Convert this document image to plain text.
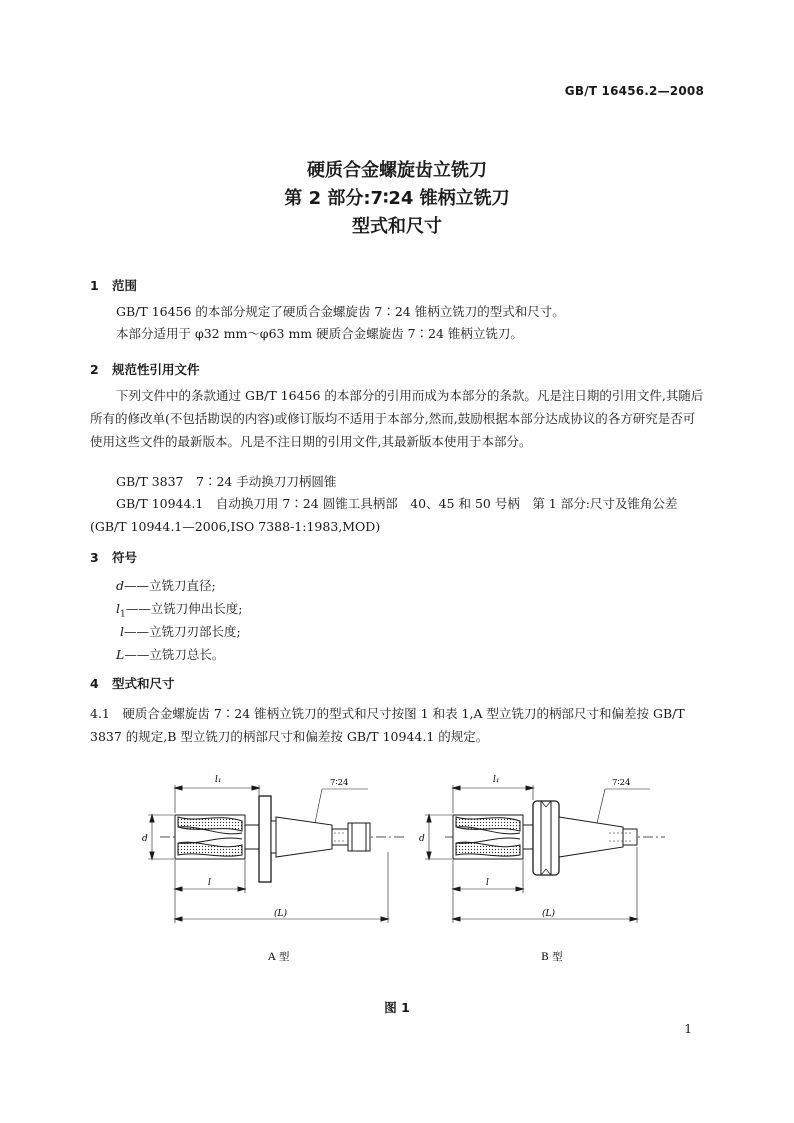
GB/T 16456.2—2008
硬质合金螺旋齿立铣刀
第 2 部分:7∶24 锥柄立铣刀
型式和尺寸
1 范围
GB/T 16456 的本部分规定了硬质合金螺旋齿 7∶24 锥柄立铣刀的型式和尺寸。
本部分适用于 φ32 mm～φ63 mm 硬质合金螺旋齿 7∶24 锥柄立铣刀。
2 规范性引用文件
下列文件中的条款通过 GB/T 16456 的本部分的引用而成为本部分的条款。凡是注日期的引用文件,其随后所有的修改单(不包括勘误的内容)或修订版均不适用于本部分,然而,鼓励根据本部分达成协议的各方研究是否可使用这些文件的最新版本。凡是不注日期的引用文件,其最新版本使用于本部分。
GB/T 3837　7∶24 手动换刀刀柄圆锥
GB/T 10944.1　自动换刀用 7∶24 圆锥工具柄部　40、45 和 50 号柄　第 1 部分:尺寸及锥角公差(GB/T 10944.1—2006,ISO 7388-1:1983,MOD)
3 符号
d——立铣刀直径;
$l_1——$立铣刀伸出长度;
l——立铣刀刃部长度;
L——立铣刀总长。
4 型式和尺寸
4.1　硬质合金螺旋齿 7∶24 锥柄立铣刀的型式和尺寸按图 1 和表 1,A 型立铣刀的柄部尺寸和偏差按 GB/T 3837 的规定,B 型立铣刀的柄部尺寸和偏差按 GB/T 10944.1 的规定。
l₁	7∶24
d
l
(L)
A 型
l₁	7∶24
d
l
(L)
B 型
图 1
1
